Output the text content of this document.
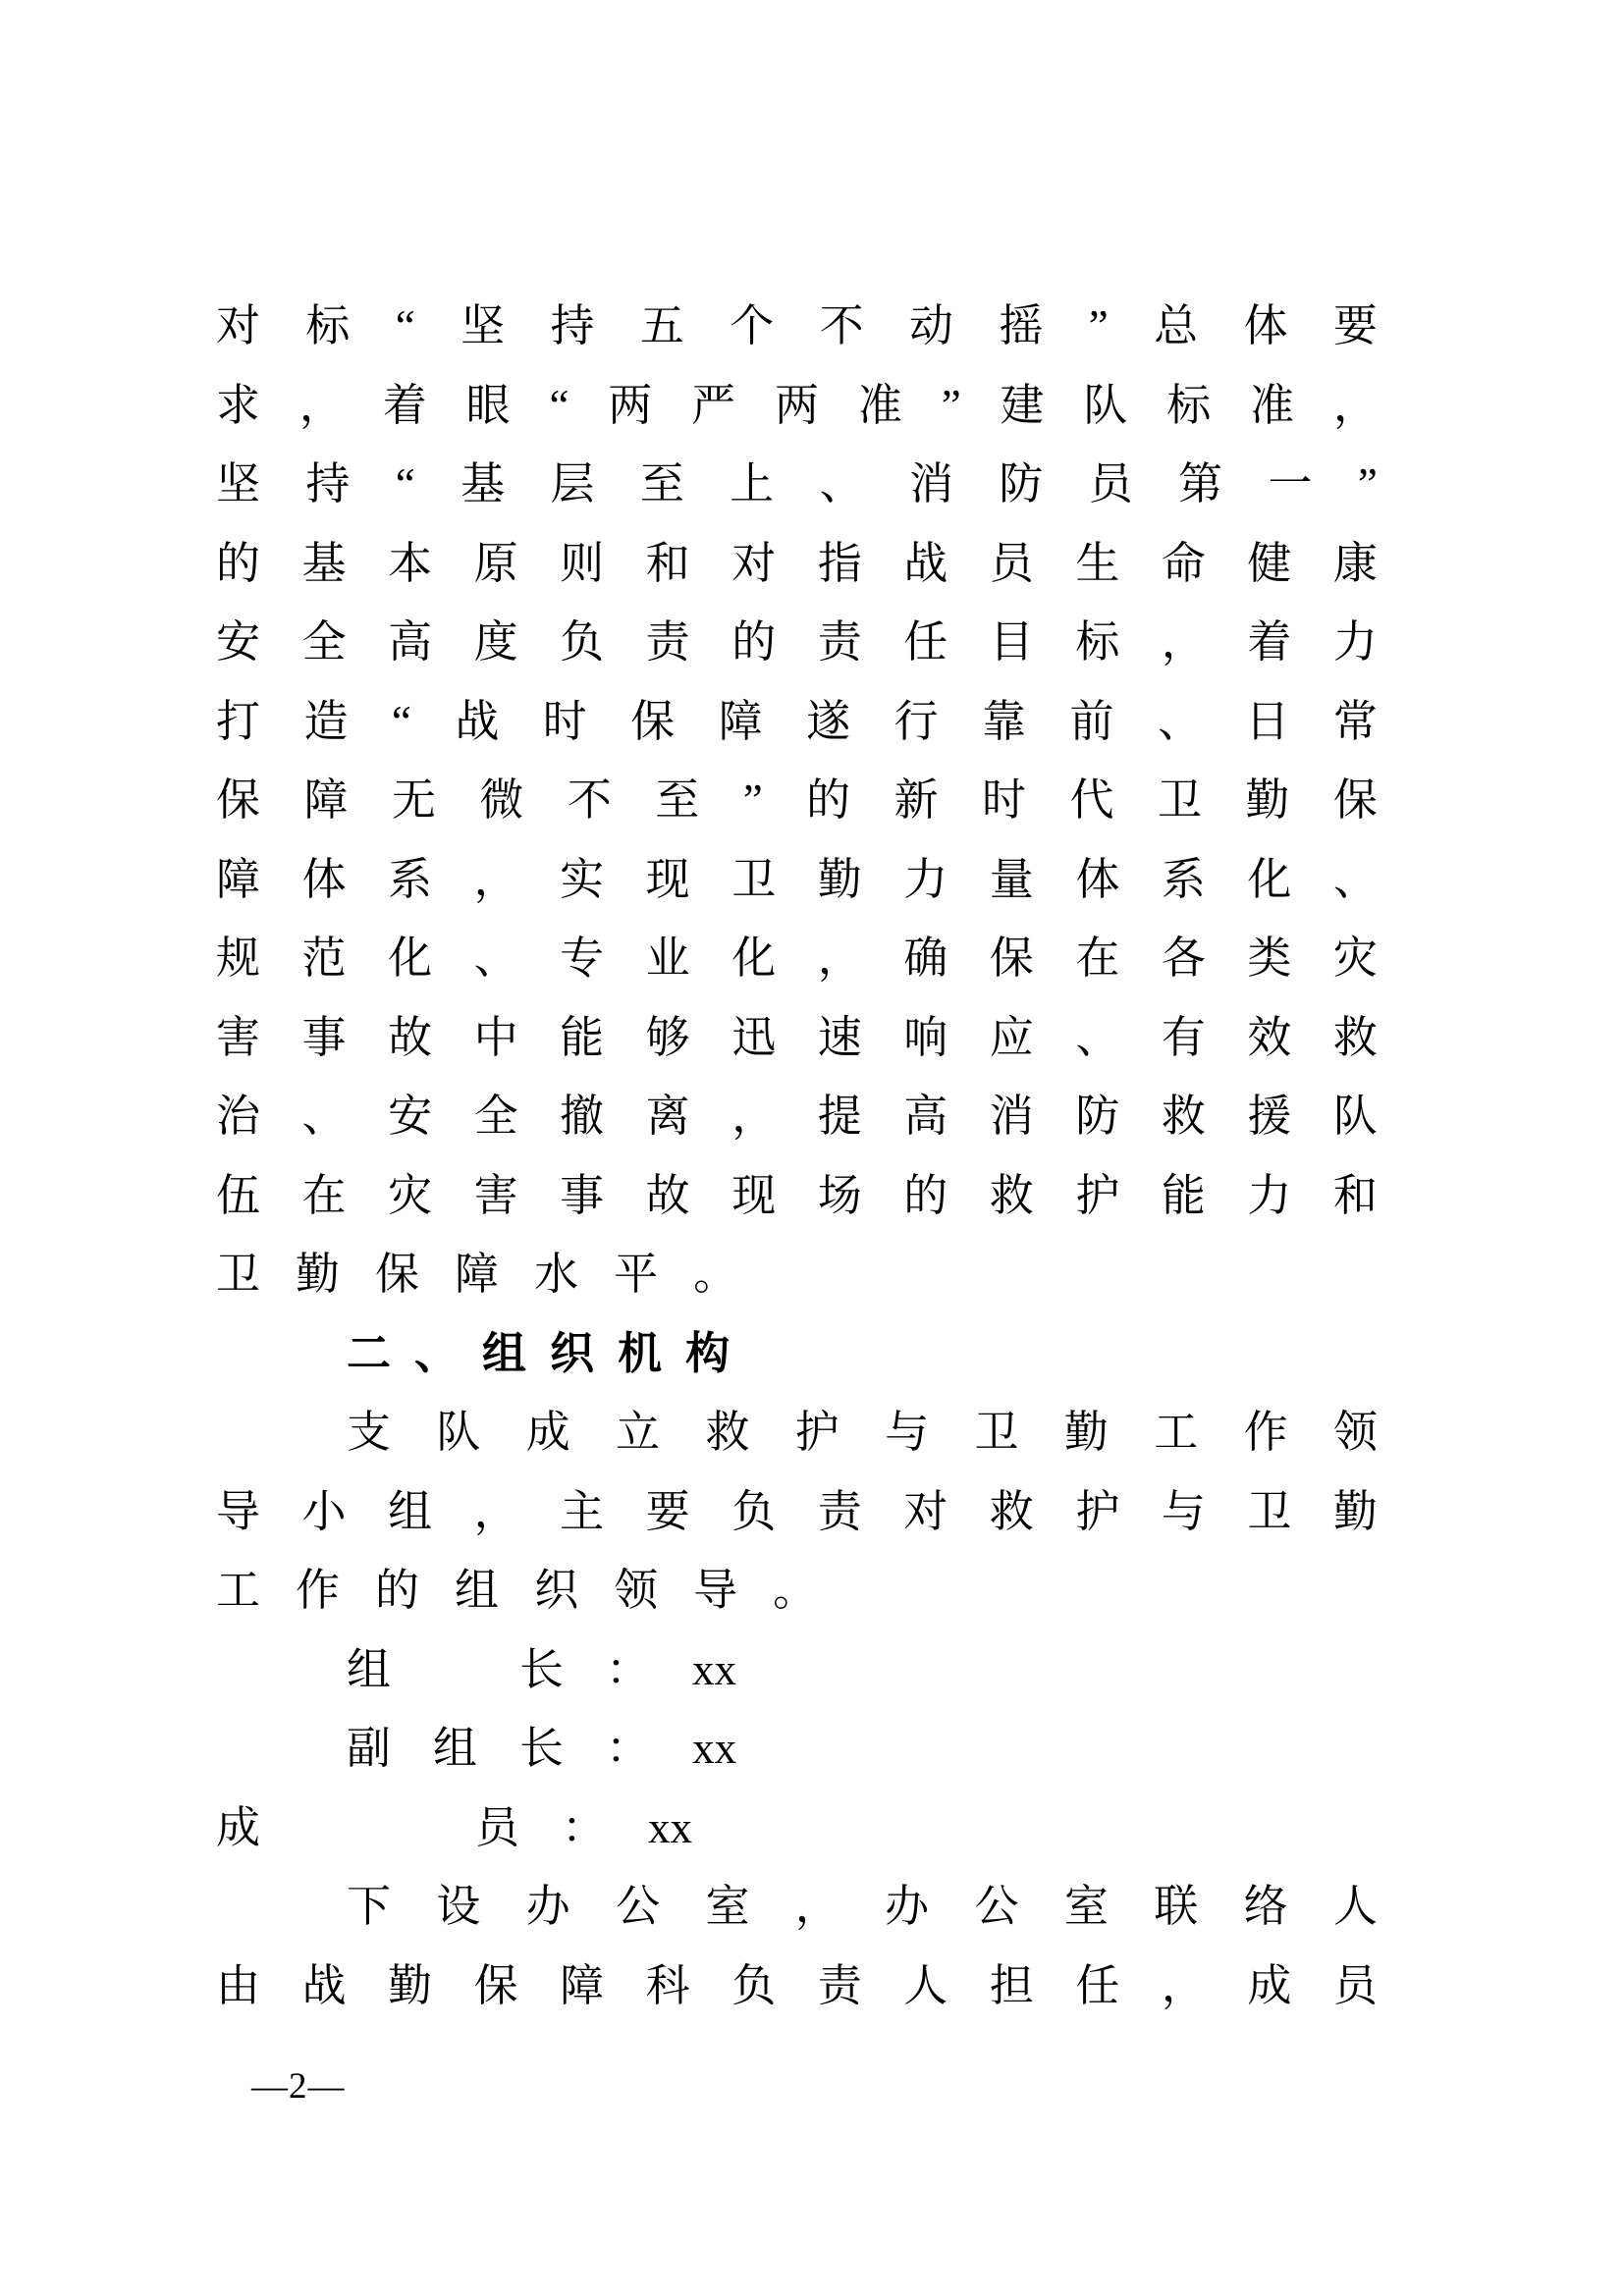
对 标 “ 坚 持 五 个 不 动 摇 ” 总 体 要
求 ， 着 眼 “ 两 严 两 准 ” 建 队 标 准 ，
坚 持 “ 基 层 至 上 、 消 防 员 第 一 ”
的 基 本 原 则 和 对 指 战 员 生 命 健 康
安 全 高 度 负 责 的 责 任 目 标 ， 着 力
打 造 “ 战 时 保 障 遂 行 靠 前 、 日 常
保 障 无 微 不 至 ” 的 新 时 代 卫 勤 保
障 体 系 ， 实 现 卫 勤 力 量 体 系 化 、
规 范 化 、 专 业 化 ， 确 保 在 各 类 灾
害 事 故 中 能 够 迅 速 响 应 、 有 效 救
治 、 安 全 撤 离 ， 提 高 消 防 救 援 队
伍 在 灾 害 事 故 现 场 的 救 护 能 力 和
卫 勤 保 障 水 平 。
二 、 组 织 机 构
支 队 成 立 救 护 与 卫 勤 工 作 领
导 小 组 ， 主 要 负 责 对 救 护 与 卫 勤
工 作 的 组 织 领 导 。
组
　	长 ： xx
副 组 长 ： xx
成

　	员 ： xx
下 设 办 公 室 ， 办 公 室 联 络 人
由 战 勤 保 障 科 负 责 人 担 任 ， 成 员
—2—
